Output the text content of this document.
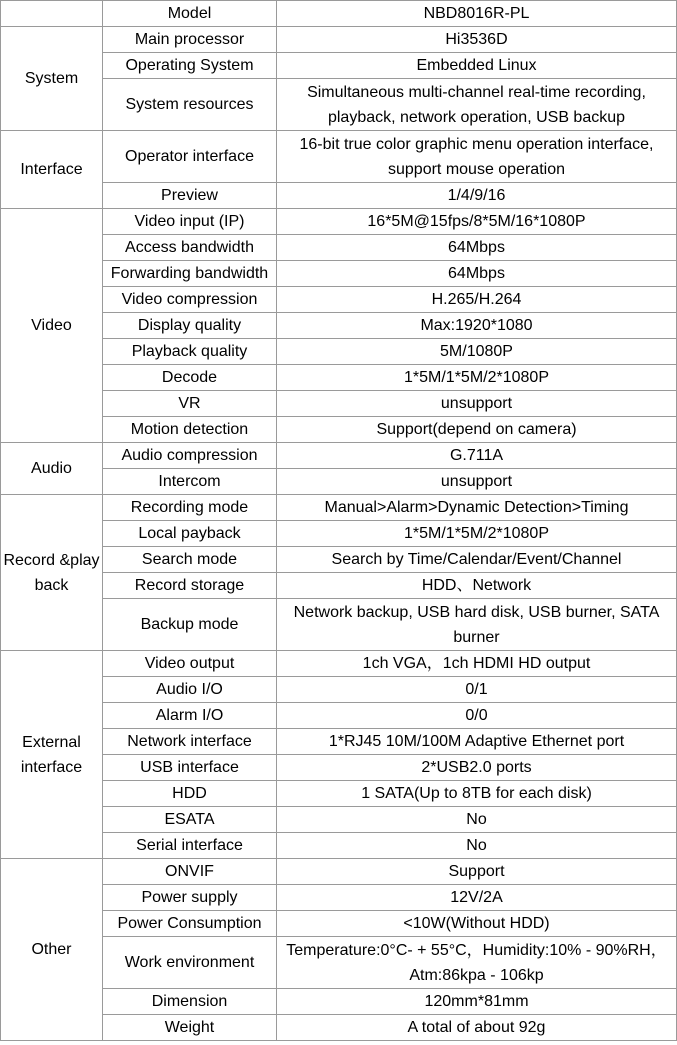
	Model	NBD8016R-PL
System	Main processor	Hi3536D
	Operating System	Embedded Linux
	System resources	Simultaneous multi-channel real-time recording, playback, network operation, USB backup
Interface	Operator interface	16-bit true color graphic menu operation interface, support mouse operation
	Preview	1/4/9/16
Video	Video input (IP)	16*5M@15fps/8*5M/16*1080P
	Access bandwidth	64Mbps
	Forwarding bandwidth	64Mbps
	Video compression	H.265/H.264
	Display quality	Max:1920*1080
	Playback quality	5M/1080P
	Decode	1*5M/1*5M/2*1080P
	VR	unsupport
	Motion detection	Support(depend on camera)
Audio	Audio compression	G.711A
	Intercom	unsupport
Record &play back	Recording mode	Manual>Alarm>Dynamic Detection>Timing
	Local payback	1*5M/1*5M/2*1080P
	Search mode	Search by Time/Calendar/Event/Channel
	Record storage	HDD、Network
	Backup mode	Network backup, USB hard disk, USB burner, SATA burner
External interface	Video output	1ch VGA，1ch HDMI HD output
	Audio I/O	0/1
	Alarm I/O	0/0
	Network interface	1*RJ45 10M/100M Adaptive Ethernet port
	USB interface	2*USB2.0 ports
	HDD	1 SATA(Up to 8TB for each disk)
	ESATA	No
	Serial interface	No
Other	ONVIF	Support
	Power supply	12V/2A
	Power Consumption	<10W(Without HDD)
	Work environment	Temperature:0°C- + 55°C，Humidity:10% - 90%RH，Atm:86kpa - 106kp
	Dimension	120mm*81mm
	Weight	A total of about 92g
